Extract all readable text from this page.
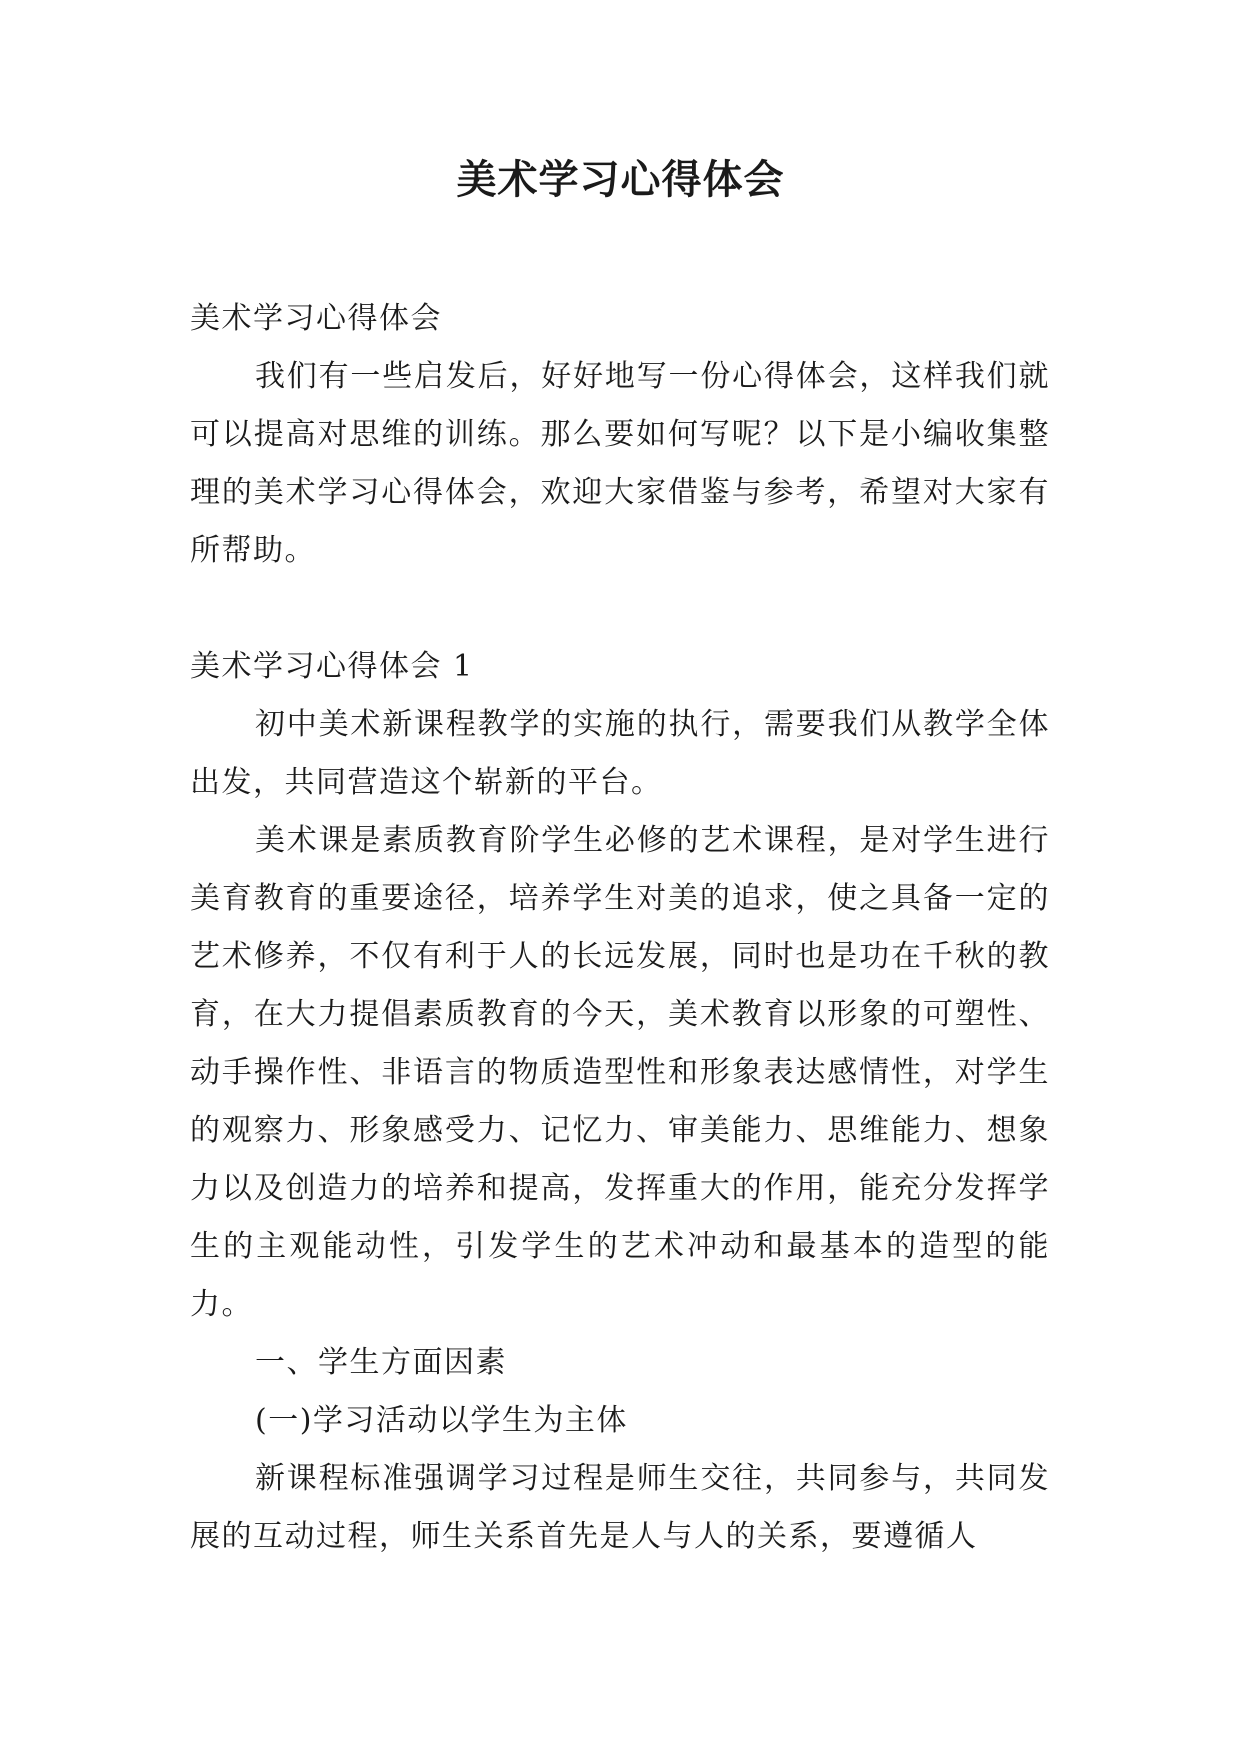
美术学习心得体会

美术学习心得体会

我们有一些启发后，好好地写一份心得体会，这样我们就可以提高对思维的训练。那么要如何写呢？以下是小编收集整理的美术学习心得体会，欢迎大家借鉴与参考，希望对大家有所帮助。

美术学习心得体会 1

初中美术新课程教学的实施的执行，需要我们从教学全体出发，共同营造这个崭新的平台。

美术课是素质教育阶学生必修的艺术课程，是对学生进行美育教育的重要途径，培养学生对美的追求，使之具备一定的艺术修养，不仅有利于人的长远发展，同时也是功在千秋的教育，在大力提倡素质教育的今天，美术教育以形象的可塑性、动手操作性、非语言的物质造型性和形象表达感情性，对学生的观察力、形象感受力、记忆力、审美能力、思维能力、想象力以及创造力的培养和提高，发挥重大的作用，能充分发挥学生的主观能动性，引发学生的艺术冲动和最基本的造型的能力。

一、学生方面因素

(一)学习活动以学生为主体

新课程标准强调学习过程是师生交往，共同参与，共同发展的互动过程，师生关系首先是人与人的关系，要遵循人
